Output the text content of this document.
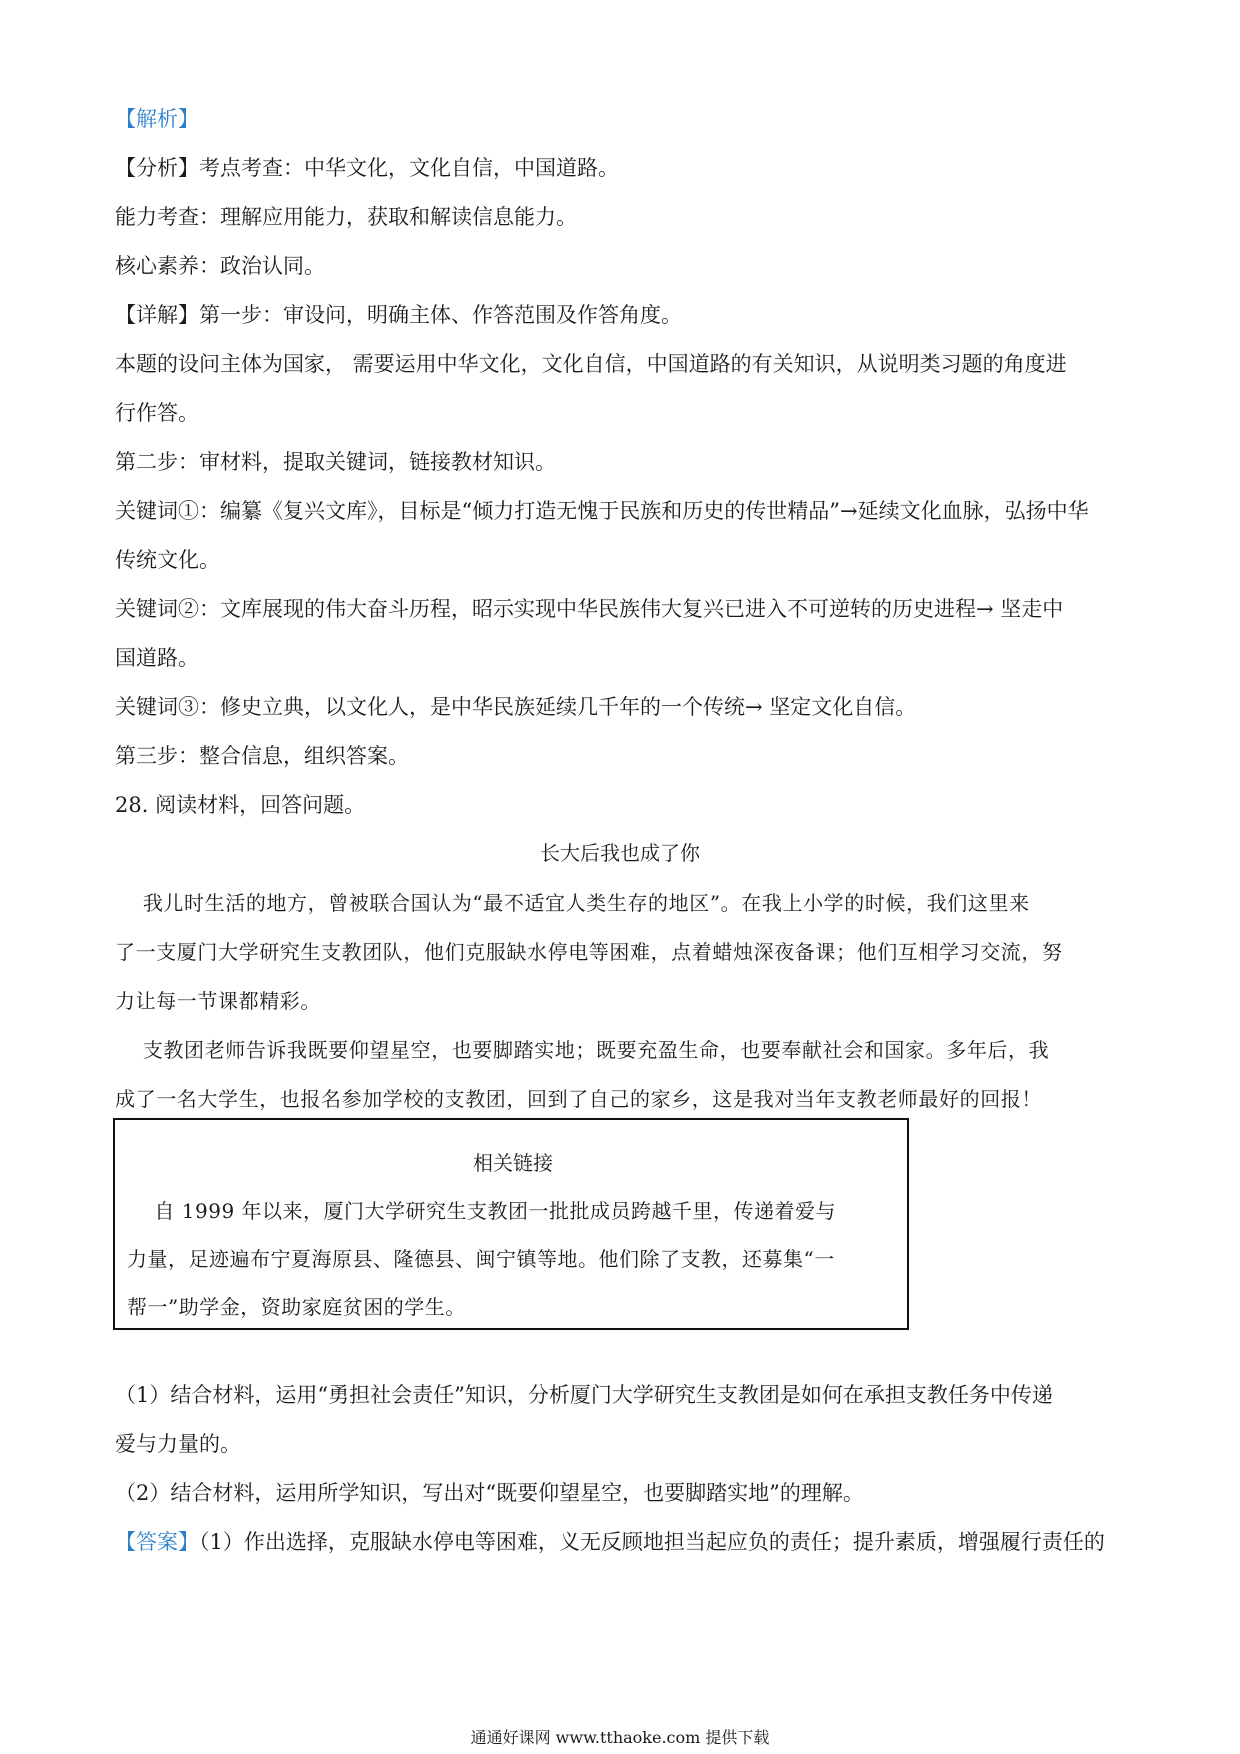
【解析】
【分析】考点考查：中华文化，文化自信，中国道路。
能力考查：理解应用能力，获取和解读信息能力。
核心素养：政治认同。
【详解】第一步：审设问，明确主体、作答范围及作答角度。
本题的设问主体为国家， 需要运用中华文化，文化自信，中国道路的有关知识，从说明类习题的角度进
行作答。
第二步：审材料，提取关键词，链接教材知识。
关键词①：编纂《复兴文库》，目标是“倾力打造无愧于民族和历史的传世精品”→延续文化血脉，弘扬中华
传统文化。
关键词②：文库展现的伟大奋斗历程，昭示实现中华民族伟大复兴已进入不可逆转的历史进程→ 坚走中
国道路。
关键词③：修史立典，以文化人，是中华民族延续几千年的一个传统→ 坚定文化自信。
第三步：整合信息，组织答案。
28. 阅读材料，回答问题。
长大后我也成了你
我儿时生活的地方，曾被联合国认为“最不适宜人类生存的地区”。在我上小学的时候，我们这里来
了一支厦门大学研究生支教团队，他们克服缺水停电等困难，点着蜡烛深夜备课；他们互相学习交流，努
力让每一节课都精彩。
支教团老师告诉我既要仰望星空，也要脚踏实地；既要充盈生命，也要奉献社会和国家。多年后，我
成了一名大学生，也报名参加学校的支教团，回到了自己的家乡，这是我对当年支教老师最好的回报！
相关链接
自 1999 年以来，厦门大学研究生支教团一批批成员跨越千里，传递着爱与
力量，足迹遍布宁夏海原县、隆德县、闽宁镇等地。他们除了支教，还募集“一
帮一”助学金，资助家庭贫困的学生。
（1）结合材料，运用“勇担社会责任”知识，分析厦门大学研究生支教团是如何在承担支教任务中传递
爱与力量的。
（2）结合材料，运用所学知识，写出对“既要仰望星空，也要脚踏实地”的理解。
【答案】（1）作出选择，克服缺水停电等困难，义无反顾地担当起应负的责任；提升素质，增强履行责任的
通通好课网 www.tthaoke.com 提供下载
